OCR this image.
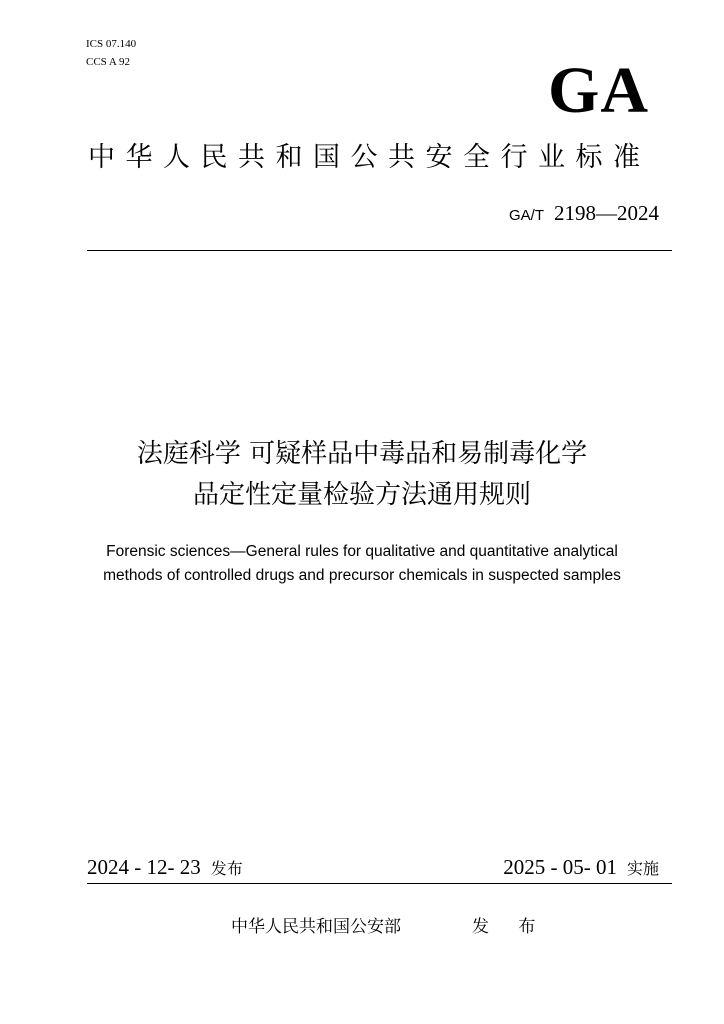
ICS 07.140
CCS A 92	GA
中华人民共和国公共安全行业标准
GA/T 2198—2024
法庭科学 可疑样品中毒品和易制毒化学
品定性定量检验方法通用规则
Forensic sciences—General rules for qualitative and quantitative analytical
methods of controlled drugs and precursor chemicals in suspected samples
2024 - 12- 23 发布	2025 - 05- 01 实施
中华人民共和国公安部	发 布
